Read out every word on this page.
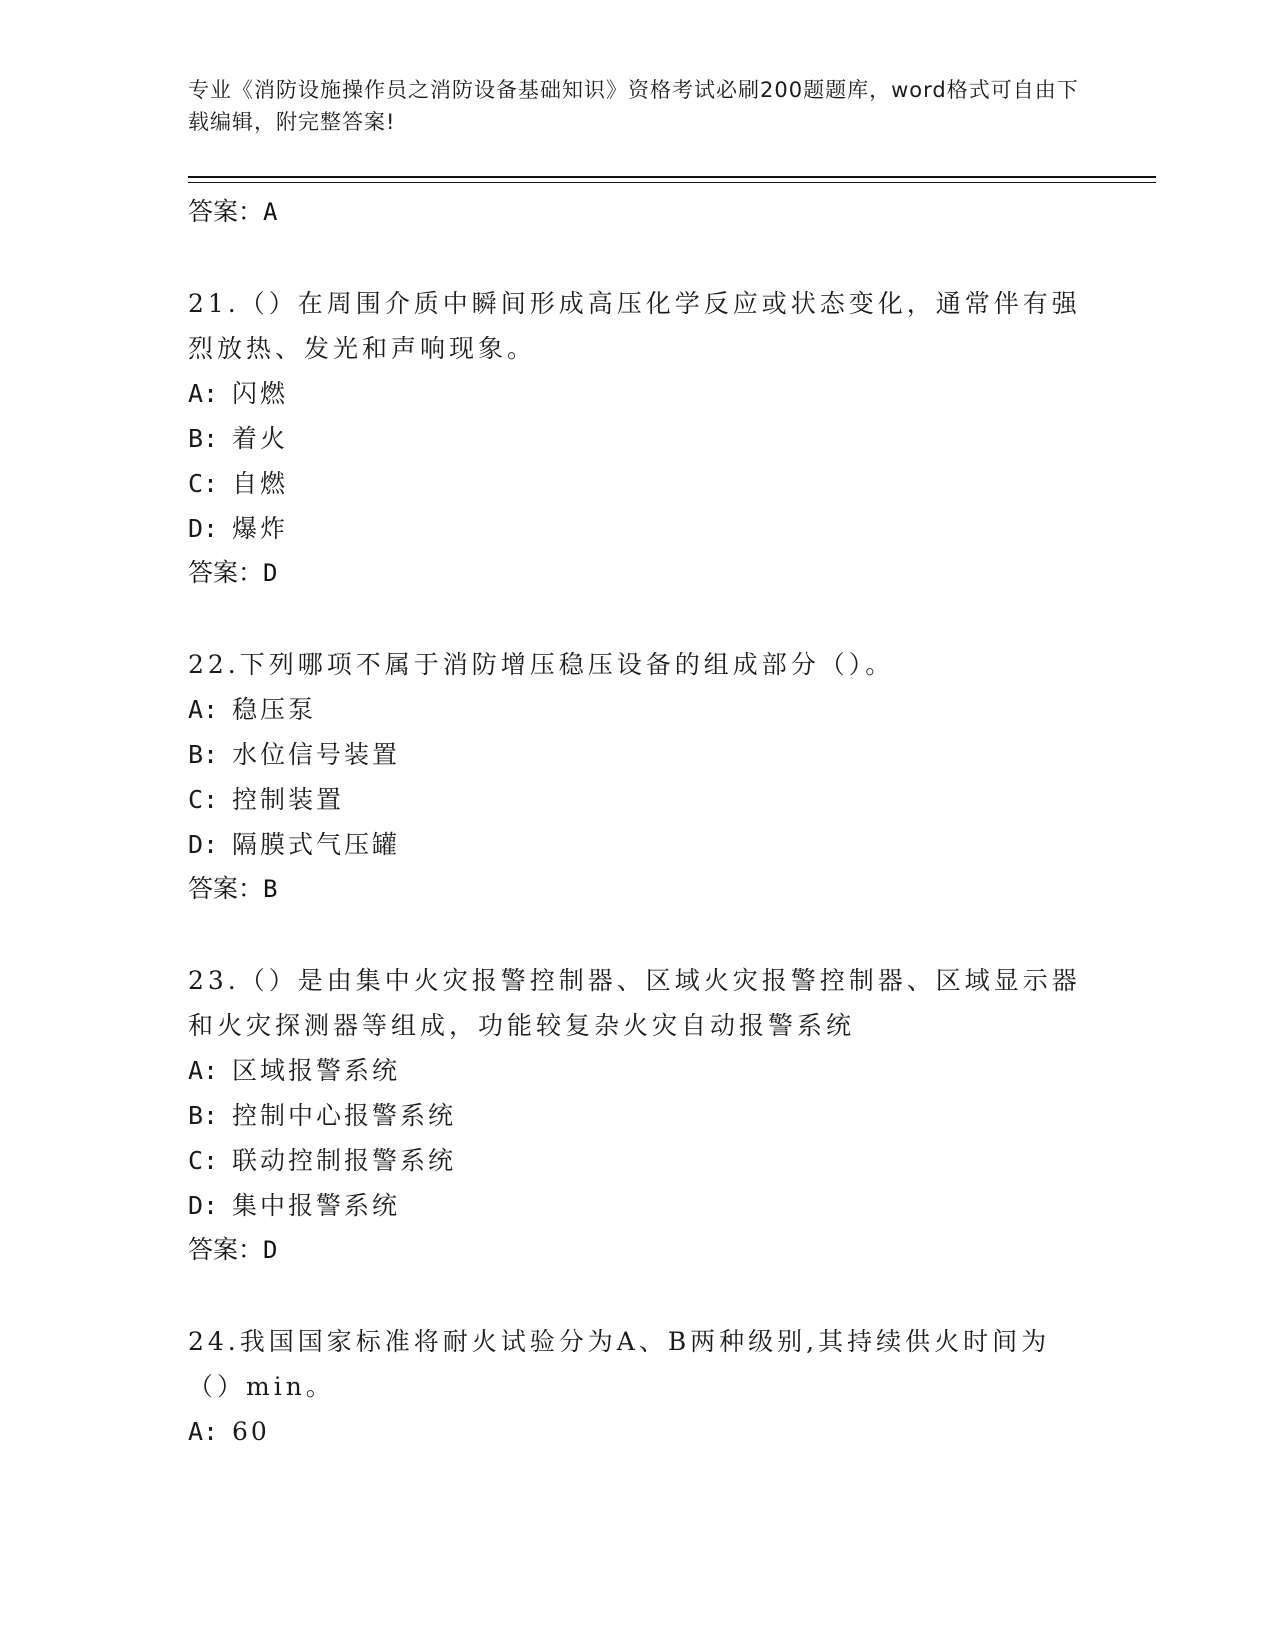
专业《消防设施操作员之消防设备基础知识》资格考试必刷200题题库，word格式可自由下载编辑，附完整答案!
答案：A
21.（）在周围介质中瞬间形成高压化学反应或状态变化，通常伴有强烈放热、发光和声响现象。
A: 闪燃
B: 着火
C: 自燃
D: 爆炸
答案：D
22.下列哪项不属于消防增压稳压设备的组成部分（）。
A: 稳压泵
B: 水位信号装置
C: 控制装置
D: 隔膜式气压罐
答案：B
23.（）是由集中火灾报警控制器、区域火灾报警控制器、区域显示器和火灾探测器等组成，功能较复杂火灾自动报警系统
A: 区域报警系统
B: 控制中心报警系统
C: 联动控制报警系统
D: 集中报警系统
答案：D
24.我国国家标准将耐火试验分为A、B两种级别,其持续供火时间为（）min。
A: 60
